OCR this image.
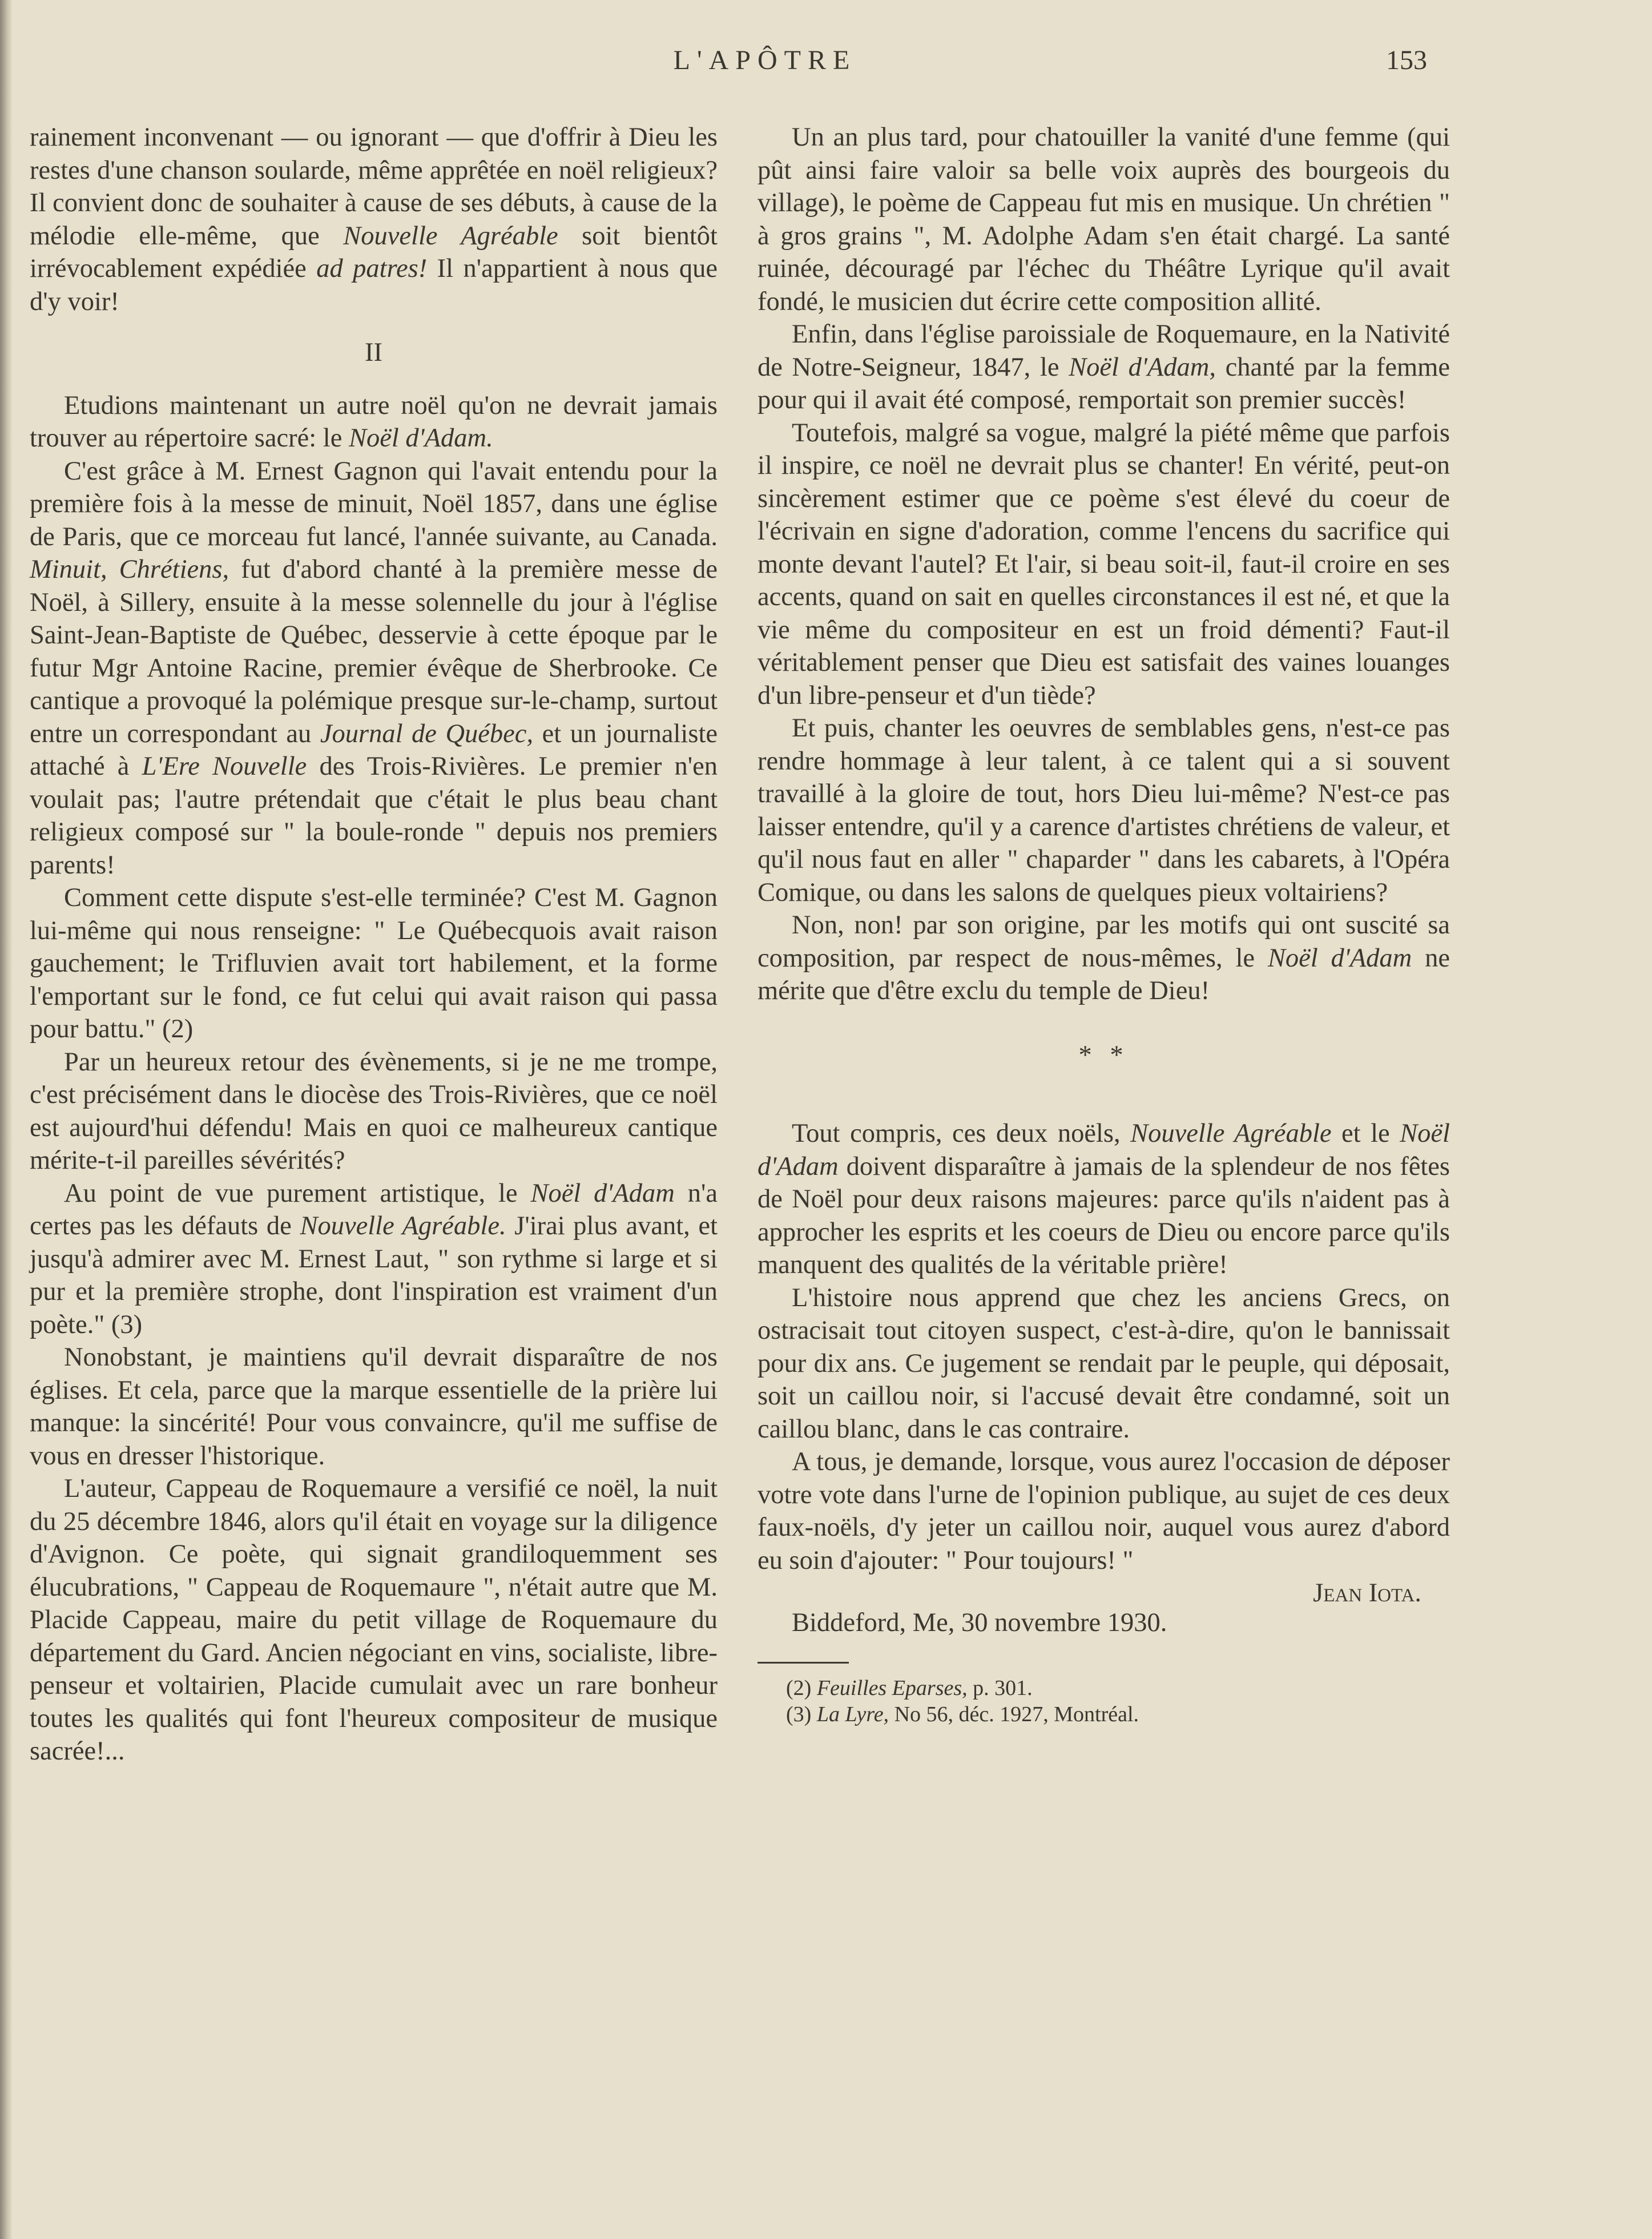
L'APÔTRE	153

rainement inconvenant — ou ignorant — que d'offrir à Dieu les restes d'une chanson soularde, même apprêtée en noël religieux? Il convient donc de souhaiter à cause de ses débuts, à cause de la mélodie elle-même, que Nouvelle Agréable soit bientôt irrévocablement expédiée ad patres! Il n'appartient à nous que d'y voir!

II

Etudions maintenant un autre noël qu'on ne devrait jamais trouver au répertoire sacré: le Noël d'Adam.

C'est grâce à M. Ernest Gagnon qui l'avait entendu pour la première fois à la messe de minuit, Noël 1857, dans une église de Paris, que ce morceau fut lancé, l'année suivante, au Canada. Minuit, Chrétiens, fut d'abord chanté à la première messe de Noël, à Sillery, ensuite à la messe solennelle du jour à l'église Saint-Jean-Baptiste de Québec, desservie à cette époque par le futur Mgr Antoine Racine, premier évêque de Sherbrooke. Ce cantique a provoqué la polémique presque sur-le-champ, surtout entre un correspondant au Journal de Québec, et un journaliste attaché à L'Ere Nouvelle des Trois-Rivières. Le premier n'en voulait pas; l'autre prétendait que c'était le plus beau chant religieux composé sur " la boule-ronde " depuis nos premiers parents!

Comment cette dispute s'est-elle terminée? C'est M. Gagnon lui-même qui nous renseigne: " Le Québecquois avait raison gauchement; le Trifluvien avait tort habilement, et la forme l'emportant sur le fond, ce fut celui qui avait raison qui passa pour battu." (2)

Par un heureux retour des évènements, si je ne me trompe, c'est précisément dans le diocèse des Trois-Rivières, que ce noël est aujourd'hui défendu! Mais en quoi ce malheureux cantique mérite-t-il pareilles sévérités?

Au point de vue purement artistique, le Noël d'Adam n'a certes pas les défauts de Nouvelle Agréable. J'irai plus avant, et jusqu'à admirer avec M. Ernest Laut, " son rythme si large et si pur et la première strophe, dont l'inspiration est vraiment d'un poète." (3)

Nonobstant, je maintiens qu'il devrait disparaître de nos églises. Et cela, parce que la marque essentielle de la prière lui manque: la sincérité! Pour vous convaincre, qu'il me suffise de vous en dresser l'historique.

L'auteur, Cappeau de Roquemaure a versifié ce noël, la nuit du 25 décembre 1846, alors qu'il était en voyage sur la diligence d'Avignon. Ce poète, qui signait grandiloquemment ses élucubrations, " Cappeau de Roquemaure ", n'était autre que M. Placide Cappeau, maire du petit village de Roquemaure du département du Gard. Ancien négociant en vins, socialiste, libre-penseur et voltairien, Placide cumulait avec un rare bonheur toutes les qualités qui font l'heureux compositeur de musique sacrée!...

Un an plus tard, pour chatouiller la vanité d'une femme (qui pût ainsi faire valoir sa belle voix auprès des bourgeois du village), le poème de Cappeau fut mis en musique. Un chrétien " à gros grains ", M. Adolphe Adam s'en était chargé. La santé ruinée, découragé par l'échec du Théâtre Lyrique qu'il avait fondé, le musicien dut écrire cette composition allité.

Enfin, dans l'église paroissiale de Roquemaure, en la Nativité de Notre-Seigneur, 1847, le Noël d'Adam, chanté par la femme pour qui il avait été composé, remportait son premier succès!

Toutefois, malgré sa vogue, malgré la piété même que parfois il inspire, ce noël ne devrait plus se chanter! En vérité, peut-on sincèrement estimer que ce poème s'est élevé du coeur de l'écrivain en signe d'adoration, comme l'encens du sacrifice qui monte devant l'autel? Et l'air, si beau soit-il, faut-il croire en ses accents, quand on sait en quelles circonstances il est né, et que la vie même du compositeur en est un froid démenti? Faut-il véritablement penser que Dieu est satisfait des vaines louanges d'un libre-penseur et d'un tiède?

Et puis, chanter les oeuvres de semblables gens, n'est-ce pas rendre hommage à leur talent, à ce talent qui a si souvent travaillé à la gloire de tout, hors Dieu lui-même? N'est-ce pas laisser entendre, qu'il y a carence d'artistes chrétiens de valeur, et qu'il nous faut en aller " chaparder " dans les cabarets, à l'Opéra Comique, ou dans les salons de quelques pieux voltairiens?

Non, non! par son origine, par les motifs qui ont suscité sa composition, par respect de nous-mêmes, le Noël d'Adam ne mérite que d'être exclu du temple de Dieu!

* *

Tout compris, ces deux noëls, Nouvelle Agréable et le Noël d'Adam doivent disparaître à jamais de la splendeur de nos fêtes de Noël pour deux raisons majeures: parce qu'ils n'aident pas à approcher les esprits et les coeurs de Dieu ou encore parce qu'ils manquent des qualités de la véritable prière!

L'histoire nous apprend que chez les anciens Grecs, on ostracisait tout citoyen suspect, c'est-à-dire, qu'on le bannissait pour dix ans. Ce jugement se rendait par le peuple, qui déposait, soit un caillou noir, si l'accusé devait être condamné, soit un caillou blanc, dans le cas contraire.

A tous, je demande, lorsque, vous aurez l'occasion de déposer votre vote dans l'urne de l'opinion publique, au sujet de ces deux faux-noëls, d'y jeter un caillou noir, auquel vous aurez d'abord eu soin d'ajouter: " Pour toujours! "

Jean Iota.

Biddeford, Me, 30 novembre 1930.

(2) Feuilles Eparses, p. 301.
(3) La Lyre, No 56, déc. 1927, Montréal.
